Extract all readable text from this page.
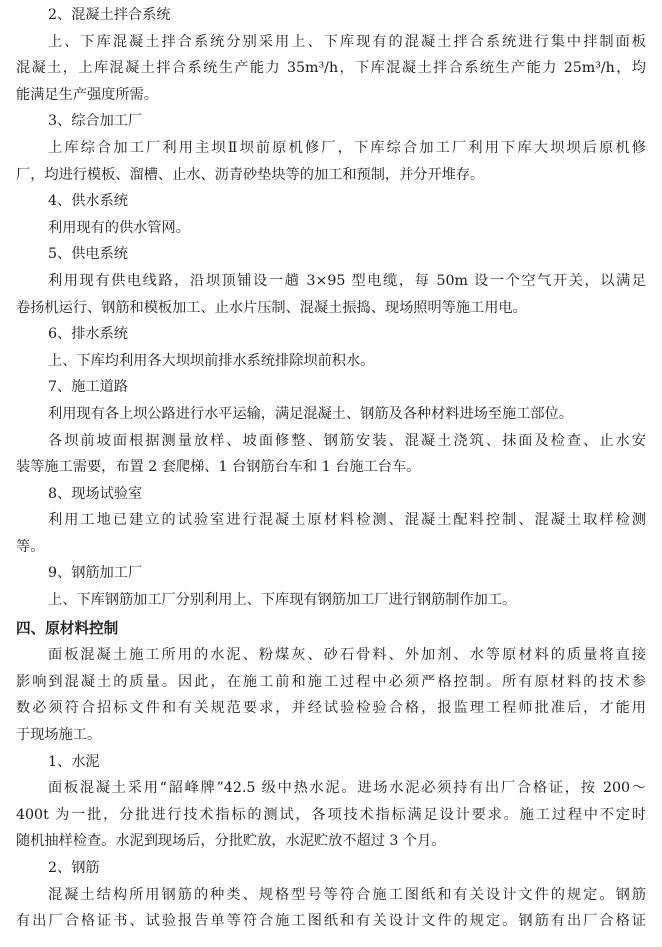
2、混凝土拌合系统
上、下库混凝土拌合系统分别采用上、下库现有的混凝土拌合系统进行集中拌制面板
混凝土，上库混凝土拌合系统生产能力 35m³/h，下库混凝土拌合系统生产能力 25m³/h，均
能满足生产强度所需。
3、综合加工厂
上库综合加工厂利用主坝Ⅱ坝前原机修厂，下库综合加工厂利用下库大坝坝后原机修
厂，均进行模板、溜槽、止水、沥青砂垫块等的加工和预制，并分开堆存。
4、供水系统
利用现有的供水管网。
5、供电系统
利用现有供电线路，沿坝顶铺设一趟 3×95 型电缆，每 50m 设一个空气开关，以满足
卷扬机运行、钢筋和模板加工、止水片压制、混凝土振捣、现场照明等施工用电。
6、排水系统
上、下库均利用各大坝坝前排水系统排除坝前积水。
7、施工道路
利用现有各上坝公路进行水平运输，满足混凝土、钢筋及各种材料进场至施工部位。
各坝前坡面根据测量放样、坡面修整、钢筋安装、混凝土浇筑、抹面及检查、止水安
装等施工需要，布置 2 套爬梯、1 台钢筋台车和 1 台施工台车。
8、现场试验室
利用工地已建立的试验室进行混凝土原材料检测、混凝土配料控制、混凝土取样检测
等。
9、钢筋加工厂
上、下库钢筋加工厂分别利用上、下库现有钢筋加工厂进行钢筋制作加工。
四、原材料控制
面板混凝土施工所用的水泥、粉煤灰、砂石骨料、外加剂、水等原材料的质量将直接
影响到混凝土的质量。因此，在施工前和施工过程中必须严格控制。所有原材料的技术参
数必须符合招标文件和有关规范要求，并经试验检验合格，报监理工程师批准后，才能用
于现场施工。
1、水泥
面板混凝土采用“韶峰牌”42.5 级中热水泥。进场水泥必须持有出厂合格证，按 200～
400t 为一批，分批进行技术指标的测试，各项技术指标满足设计要求。施工过程中不定时
随机抽样检查。水泥到现场后，分批贮放，水泥贮放不超过 3 个月。
2、钢筋
混凝土结构所用钢筋的种类、规格型号等符合施工图纸和有关设计文件的规定。钢筋
有出厂合格证书、试验报告单等符合施工图纸和有关设计文件的规定。钢筋有出厂合格证
